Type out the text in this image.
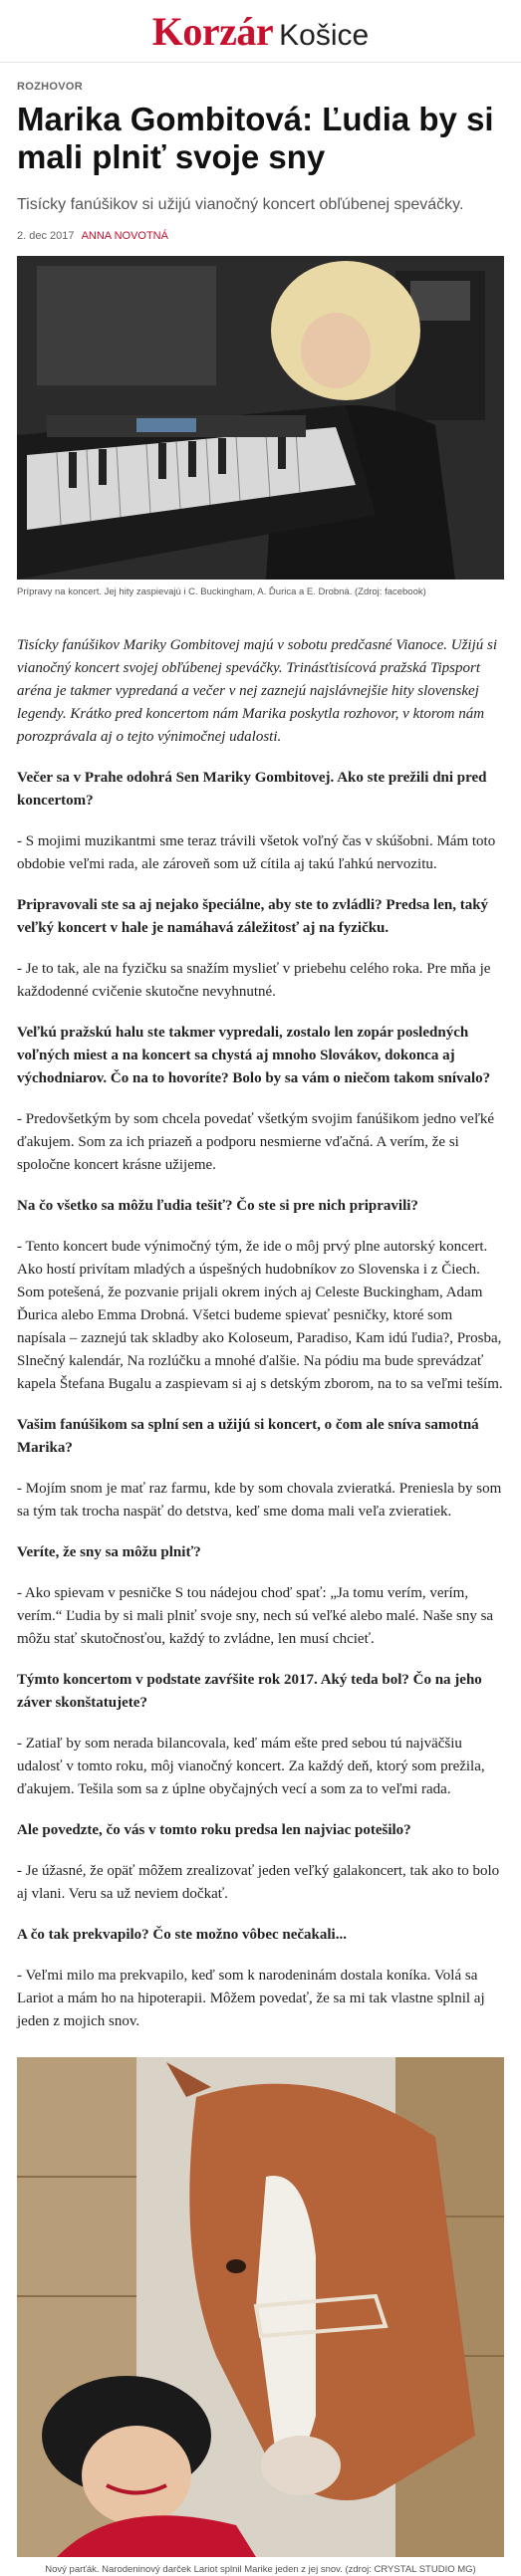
Korzár Košice
ROZHOVOR
Marika Gombitová: Ľudia by si mali plniť svoje sny
Tisícky fanúšikov si užijú vianočný koncert obľúbenej speváčky.
2. dec 2017 ANNA NOVOTNÁ
Prípravy na koncert. Jej hity zaspievajú i C. Buckingham, A. Ďurica a E. Drobná. (Zdroj: facebook)
Tisícky fanúšikov Mariky Gombitovej majú v sobotu predčasné Vianoce. Užijú si vianočný koncert svojej obľúbenej speváčky. Trinásťtisícová pražská Tipsport aréna je takmer vypredaná a večer v nej zaznejú najslávnejšie hity slovenskej legendy. Krátko pred koncertom nám Marika poskytla rozhovor, v ktorom nám porozprávala aj o tejto výnimočnej udalosti.
Večer sa v Prahe odohrá Sen Mariky Gombitovej. Ako ste prežili dni pred koncertom?
- S mojimi muzikantmi sme teraz trávili všetok voľný čas v skúšobni. Mám toto obdobie veľmi rada, ale zároveň som už cítila aj takú ľahkú nervozitu.
Pripravovali ste sa aj nejako špeciálne, aby ste to zvládli? Predsa len, taký veľký koncert v hale je namáhavá záležitosť aj na fyzičku.
- Je to tak, ale na fyzičku sa snažím myslieť v priebehu celého roka. Pre mňa je každodenné cvičenie skutočne nevyhnutné.
Veľkú pražskú halu ste takmer vypredali, zostalo len zopár posledných voľných miest a na koncert sa chystá aj mnoho Slovákov, dokonca aj východniarov. Čo na to hovoríte? Bolo by sa vám o niečom takom snívalo?
- Predovšetkým by som chcela povedať všetkým svojim fanúšikom jedno veľké ďakujem. Som za ich priazeň a podporu nesmierne vďačná. A verím, že si spoločne koncert krásne užijeme.
Na čo všetko sa môžu ľudia tešiť? Čo ste si pre nich pripravili?
- Tento koncert bude výnimočný tým, že ide o môj prvý plne autorský koncert. Ako hostí privítam mladých a úspešných hudobníkov zo Slovenska i z Čiech. Som potešená, že pozvanie prijali okrem iných aj Celeste Buckingham, Adam Ďurica alebo Emma Drobná. Všetci budeme spievať pesničky, ktoré som napísala – zaznejú tak skladby ako Koloseum, Paradiso, Kam idú ľudia?, Prosba, Slnečný kalendár, Na rozlúčku a mnohé ďalšie. Na pódiu ma bude sprevádzať kapela Štefana Bugalu a zaspievam si aj s detským zborom, na to sa veľmi teším.
Vašim fanúšikom sa splní sen a užijú si koncert, o čom ale sníva samotná Marika?
- Mojím snom je mať raz farmu, kde by som chovala zvieratká. Preniesla by som sa tým tak trocha naspäť do detstva, keď sme doma mali veľa zvieratiek.
Veríte, že sny sa môžu plniť?
- Ako spievam v pesničke S tou nádejou choď spať: „Ja tomu verím, verím, verím.“ Ľudia by si mali plniť svoje sny, nech sú veľké alebo malé. Naše sny sa môžu stať skutočnosťou, každý to zvládne, len musí chcieť.
Týmto koncertom v podstate zavŕšite rok 2017. Aký teda bol? Čo na jeho záver skonštatujete?
- Zatiaľ by som nerada bilancovala, keď mám ešte pred sebou tú najväčšiu udalosť v tomto roku, môj vianočný koncert. Za každý deň, ktorý som prežila, ďakujem. Tešila som sa z úplne obyčajných vecí a som za to veľmi rada.
Ale povedzte, čo vás v tomto roku predsa len najviac potešilo?
- Je úžasné, že opäť môžem zrealizovať jeden veľký galakoncert, tak ako to bolo aj vlani. Veru sa už neviem dočkať.
A čo tak prekvapilo? Čo ste možno vôbec nečakali...
- Veľmi milo ma prekvapilo, keď som k narodeninám dostala koníka. Volá sa Lariot a mám ho na hipoterapii. Môžem povedať, že sa mi tak vlastne splnil aj jeden z mojich snov.
Nový parťák. Narodeninový darček Lariot splnil Marike jeden z jej snov. (zdroj: CRYSTAL STUDIO MG)
